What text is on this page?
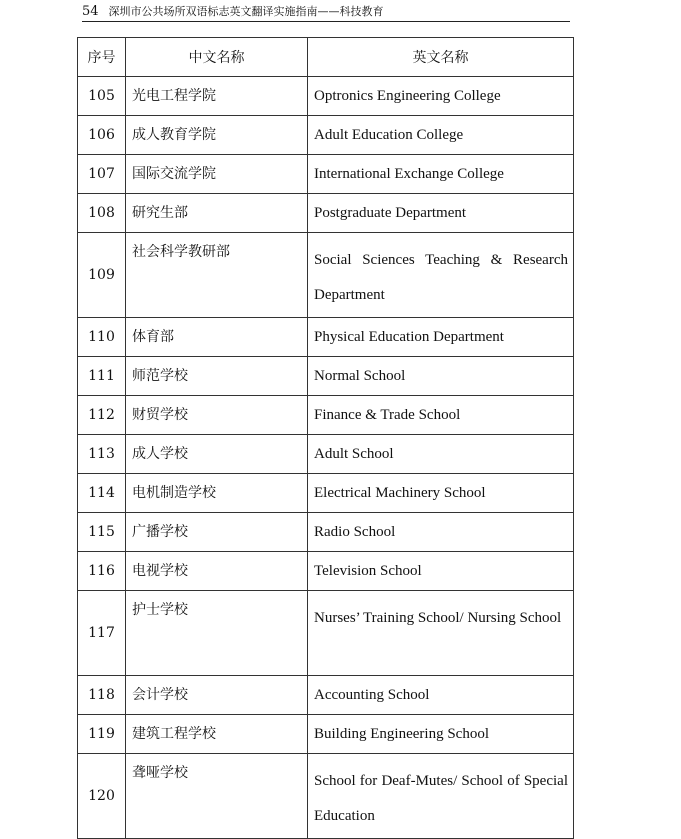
54 深圳市公共场所双语标志英文翻译实施指南——科技教育
序号	中文名称	英文名称
105	光电工程学院	Optronics Engineering College
106	成人教育学院	Adult Education College
107	国际交流学院	International Exchange College
108	研究生部	Postgraduate Department
109	社会科学教研部	Social Sciences Teaching & Research Department
110	体育部	Physical Education Department
111	师范学校	Normal School
112	财贸学校	Finance & Trade School
113	成人学校	Adult School
114	电机制造学校	Electrical Machinery School
115	广播学校	Radio School
116	电视学校	Television School
117	护士学校	Nurses’ Training School/ Nursing School
118	会计学校	Accounting School
119	建筑工程学校	Building Engineering School
120	聋哑学校	School for Deaf-Mutes/ School of Special Education
